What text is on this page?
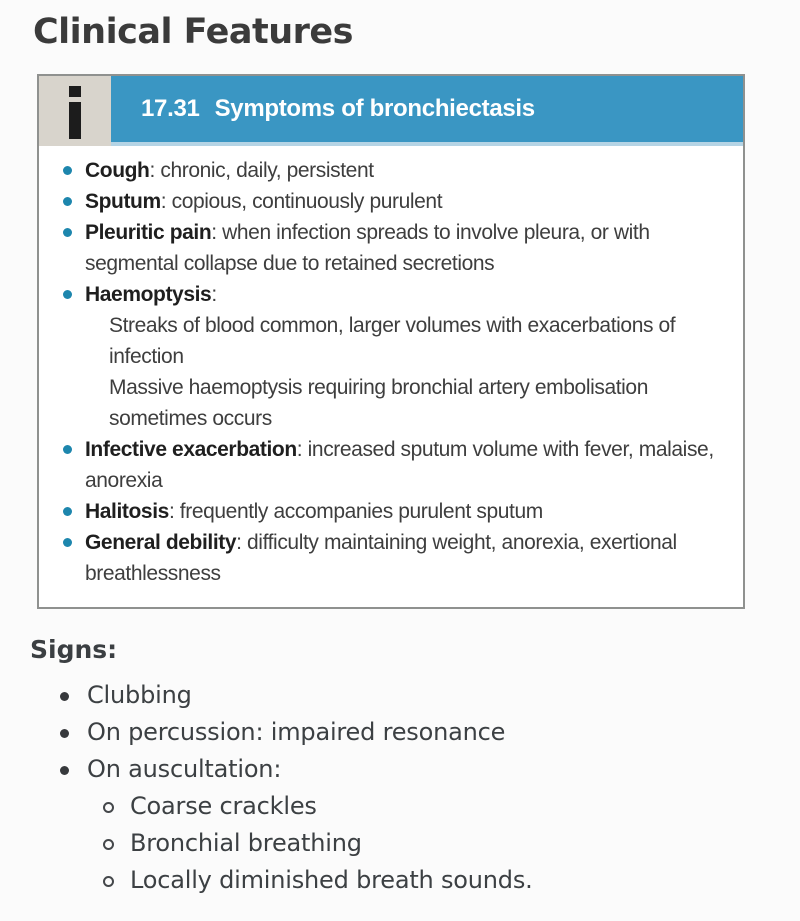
Clinical Features
17.31 Symptoms of bronchiectasis
Cough: chronic, daily, persistent
Sputum: copious, continuously purulent
Pleuritic pain: when infection spreads to involve pleura, or with segmental collapse due to retained secretions
Haemoptysis:
Streaks of blood common, larger volumes with exacerbations of infection
Massive haemoptysis requiring bronchial artery embolisation sometimes occurs
Infective exacerbation: increased sputum volume with fever, malaise, anorexia
Halitosis: frequently accompanies purulent sputum
General debility: difficulty maintaining weight, anorexia, exertional breathlessness
Signs:
Clubbing
On percussion: impaired resonance
On auscultation:
Coarse crackles
Bronchial breathing
Locally diminished breath sounds.
